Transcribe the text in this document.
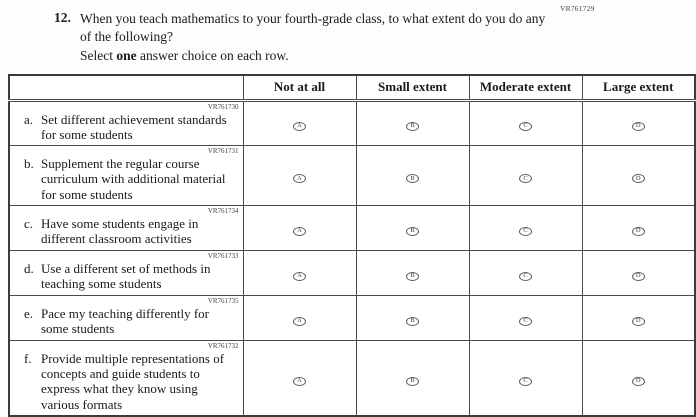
VR761729
12. When you teach mathematics to your fourth-grade class, to what extent do you do any of the following?
Select one answer choice on each row.
	Not at all	Small extent	Moderate extent	Large extent

VR761730
a. Set different achievement standards for some students	A	B	C	D

VR761731
b. Supplement the regular course curriculum with additional material for some students	A	B	C	D

VR761734
c. Have some students engage in different classroom activities	A	B	C	D

VR761733
d. Use a different set of methods in teaching some students	A	B	C	D

VR761735
e. Pace my teaching differently for some students	A	B	C	D

VR761732
f. Provide multiple representations of concepts and guide students to express what they know using various formats	A	B	C	D
